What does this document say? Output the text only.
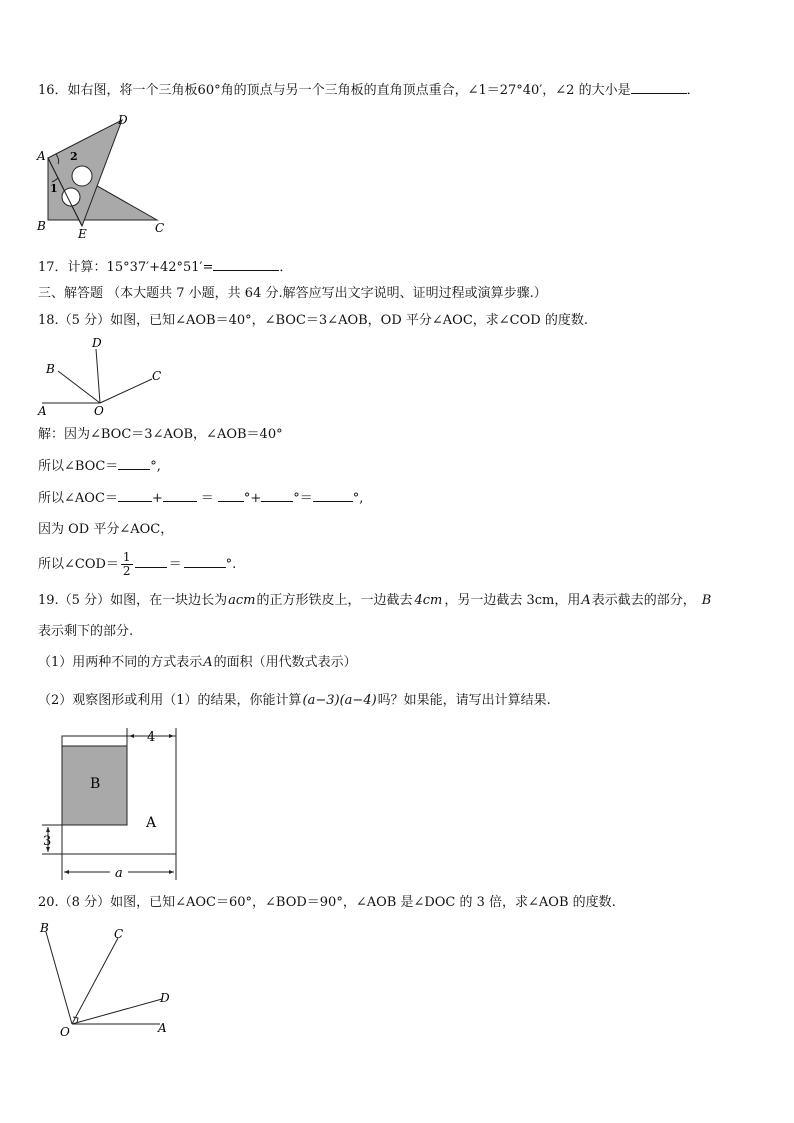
16．如右图，将一个三角板60°角的顶点与另一个三角板的直角顶点重合，∠1＝27°40′，∠2 的大小是	．
A
B	C
D
E
1
2
17．计算：15°37′+42°51′=	．
三、解答题 （本大题共 7 小题，共 64 分.解答应写出文字说明、证明过程或演算步骤.）
18.（5 分）如图，已知∠AOB＝40°，∠BOC＝3∠AOB，OD 平分∠AOC，求∠COD 的度数.
A
B	C
D
O
解：因为∠BOC＝3∠AOB，∠AOB＝40°
所以∠BOC＝ °,
所以∠AOC＝	+	＝ °+ °＝	°,
因为 OD 平分∠AOC，
所以∠COD＝ $\frac{1}{2}$	＝	°.
19.（5 分）如图，在一块边长为acm的正方形铁皮上，一边截去 4cm ，另一边截去 3cm，用A表示截去的部分， B
表示剩下的部分.
（1）用两种不同的方式表示A的面积（用代数式表示）
（2）观察图形或利用（1）的结果，你能计算(a−3)(a−4)吗？如果能，请写出计算结果.
B
A
4
3
a
20.（8 分）如图，已知∠AOC＝60°，∠BOD＝90°，∠AOB 是∠DOC 的 3 倍，求∠AOB 的度数.
A
B	C
D
O
